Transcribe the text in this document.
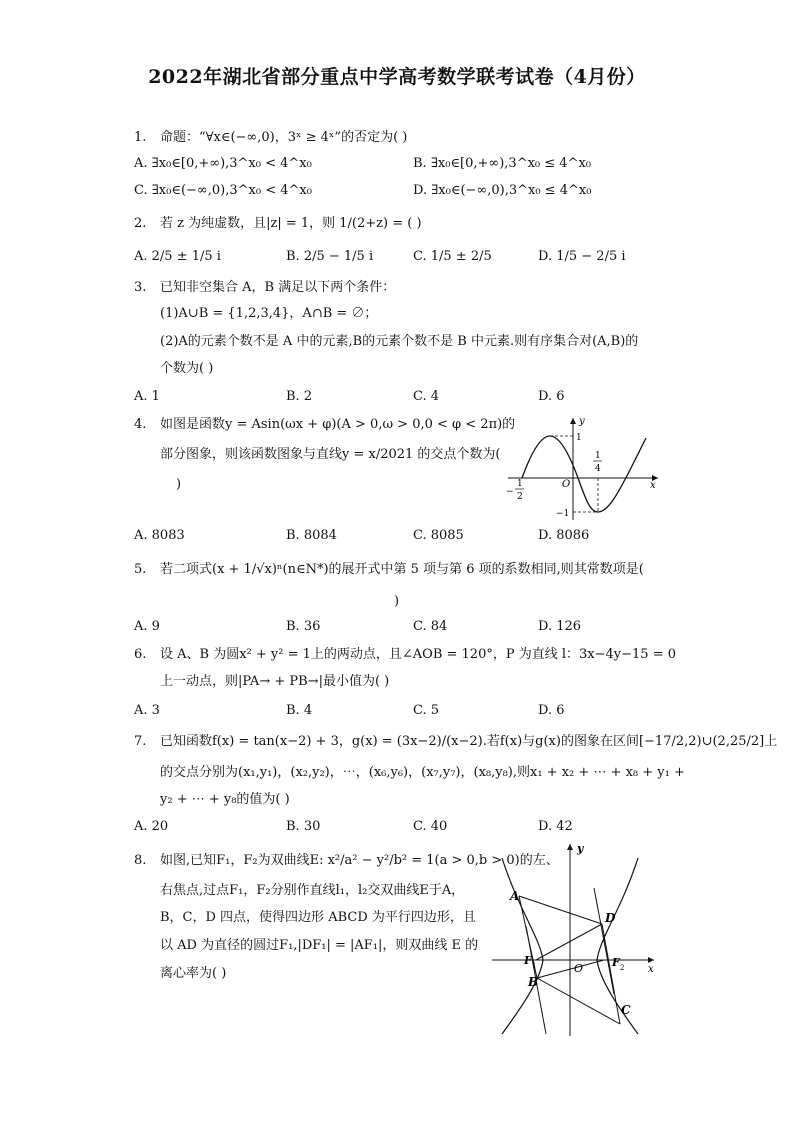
2022年湖北省部分重点中学高考数学联考试卷（4月份）
1. 命题：“∀x∈(−∞,0)，3ˣ ≥ 4ˣ”的否定为( )
A. ∃x₀∈[0,+∞),3^x₀ < 4^x₀	B. ∃x₀∈[0,+∞),3^x₀ ≤ 4^x₀
C. ∃x₀∈(−∞,0),3^x₀ < 4^x₀	D. ∃x₀∈(−∞,0),3^x₀ ≤ 4^x₀
2. 若 z 为纯虚数，且|z| = 1，则 1/(2+z) = ( )
A. 2/5 ± 1/5 i	B. 2/5 − 1/5 i	C. 1/5 ± 2/5	D. 1/5 − 2/5 i
3. 已知非空集合 A，B 满足以下两个条件：
(1)A∪B = {1,2,3,4}，A∩B = ∅；
(2)A的元素个数不是 A 中的元素,B的元素个数不是 B 中元素.则有序集合对(A,B)的
个数为( )
A. 1	B. 2	C. 4	D. 6
4. 如图是函数y = Asin(ωx + φ)(A > 0,ω > 0,0 < φ < 2π)的
部分图象，则该函数图象与直线y = x/2021 的交点个数为(
)
y
x
O
1
−1
1
4
−
1
2
A. 8083	B. 8084	C. 8085	D. 8086
5. 若二项式(x + 1/√x)ⁿ(n∈N*)的展开式中第 5 项与第 6 项的系数相同,则其常数项是(
)
A. 9	B. 36	C. 84	D. 126
6. 设 A、B 为圆x² + y² = 1上的两动点，且∠AOB = 120°，P 为直线 l：3x−4y−15 = 0
上一动点，则|PA→ + PB→|最小值为( )
A. 3	B. 4	C. 5	D. 6
7. 已知函数f(x) = tan(x−2) + 3，g(x) = (3x−2)/(x−2).若f(x)与g(x)的图象在区间[−17/2,2)∪(2,25/2]上
的交点分别为(x₁,y₁)，(x₂,y₂)，⋯，(x₆,y₆)，(x₇,y₇)，(x₈,y₈),则x₁ + x₂ + ⋯ + x₈ + y₁ +
y₂ + ⋯ + y₈的值为( )
A. 20	B. 30	C. 40	D. 42
8. 如图,已知F₁，F₂为双曲线E: x²/a² − y²/b² = 1(a > 0,b > 0)的左、
右焦点,过点F₁，F₂分别作直线l₁，l₂交双曲线E于A，
B，C，D 四点，使得四边形 ABCD 为平行四边形，且
以 AD 为直径的圆过F₁,|DF₁| = |AF₁|，则双曲线 E 的
离心率为( )
y
x
O
A
B
C
D
F 1	F 2
